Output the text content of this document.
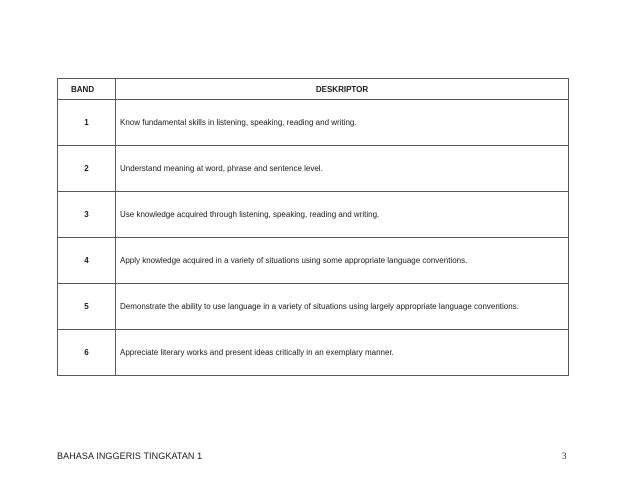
BAND	DESKRIPTOR
1	Know fundamental skills in listening, speaking, reading and writing.
2	Understand meaning at word, phrase and sentence level.
3	Use knowledge acquired through listening, speaking, reading and writing.
4	Apply knowledge acquired in a variety of situations using some appropriate language conventions.
5	Demonstrate the ability to use language in a variety of situations using largely appropriate language conventions.
6	Appreciate literary works and present ideas critically in an exemplary manner.
BAHASA INGGERIS TINGKATAN 1	3
